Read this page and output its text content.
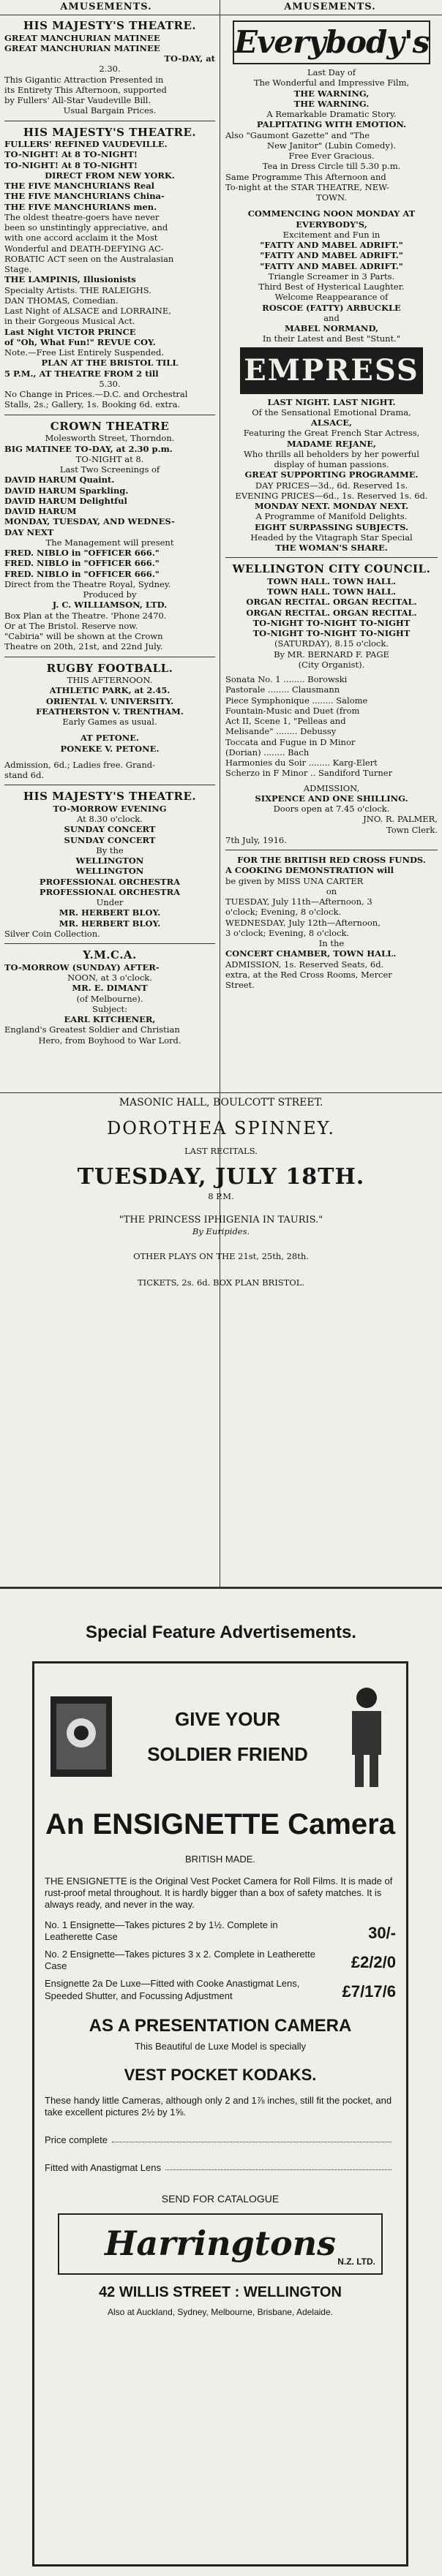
AMUSEMENTS.	AMUSEMENTS.
HIS MAJESTY'S THEATRE.
GREAT MANCHURIAN MATINEE
GREAT MANCHURIAN MATINEE
TO-DAY, at
2.30.
This Gigantic Attraction Presented in
its Entirety This Afternoon, supported
by Fullers' All-Star Vaudeville Bill.
Usual Bargain Prices.
HIS MAJESTY'S THEATRE.
FULLERS' REFINED VAUDEVILLE.
TO-NIGHT! At 8 TO-NIGHT!
TO-NIGHT! At 8 TO-NIGHT!
DIRECT FROM NEW YORK.
THE FIVE MANCHURIANS Real
THE FIVE MANCHURIANS China-
THE FIVE MANCHURIANS men.
The oldest theatre-goers have never
been so unstintingly appreciative, and
with one accord acclaim it the Most
Wonderful and DEATH-DEFYING AC-
ROBATIC ACT seen on the Australasian
Stage.
THE LAMPINIS, Illusionists
Specialty Artists. THE RALEIGHS.
DAN THOMAS, Comedian.
Last Night of ALSACE and LORRAINE,
in their Gorgeous Musical Act.
Last Night VICTOR PRINCE
of "Oh, What Fun!" REVUE COY.
Note.—Free List Entirely Suspended.
PLAN AT THE BRISTOL TILL
5 P.M., AT THEATRE FROM 2 till
5.30.
No Change in Prices.—D.C. and Orchestral
Stalls, 2s.; Gallery, 1s. Booking 6d. extra.
CROWN THEATRE
Molesworth Street, Thorndon.
BIG MATINEE TO-DAY, at 2.30 p.m.
TO-NIGHT at 8.
Last Two Screenings of
DAVID HARUM Quaint.
DAVID HARUM Sparkling.
DAVID HARUM Delightful
DAVID HARUM
MONDAY, TUESDAY, AND WEDNES-
DAY NEXT
The Management will present
FRED. NIBLO in "OFFICER 666."
FRED. NIBLO in "OFFICER 666."
FRED. NIBLO in "OFFICER 666."
Direct from the Theatre Royal, Sydney.
Produced by
J. C. WILLIAMSON, LTD.
Box Plan at the Theatre. 'Phone 2470.
Or at The Bristol. Reserve now.
"Cabiria" will be shown at the Crown
Theatre on 20th, 21st, and 22nd July.
RUGBY FOOTBALL.
THIS AFTERNOON.
ATHLETIC PARK, at 2.45.
ORIENTAL V. UNIVERSITY.
FEATHERSTON V. TRENTHAM.
Early Games as usual.
AT PETONE.
PONEKE V. PETONE.
Admission, 6d.; Ladies free. Grand-
stand 6d.
HIS MAJESTY'S THEATRE.
TO-MORROW EVENING
At 8.30 o'clock.
SUNDAY CONCERT
SUNDAY CONCERT
By the
WELLINGTON
WELLINGTON
PROFESSIONAL ORCHESTRA
PROFESSIONAL ORCHESTRA
Under
MR. HERBERT BLOY.
MR. HERBERT BLOY.
Silver Coin Collection.
Y.M.C.A.
TO-MORROW (SUNDAY) AFTER-
NOON, at 3 o'clock.
MR. E. DIMANT
(of Melbourne).
Subject:
EARL KITCHENER,
England's Greatest Soldier and Christian
Hero, from Boyhood to War Lord.
Everybody's
Last Day of
The Wonderful and Impressive Film,
THE WARNING,
THE WARNING.
A Remarkable Dramatic Story.
PALPITATING WITH EMOTION.
Also "Gaumont Gazette" and "The
New Janitor" (Lubin Comedy).
Free Ever Gracious.
Tea in Dress Circle till 5.30 p.m.
Same Programme This Afternoon and
To-night at the STAR THEATRE, NEW-
TOWN.
COMMENCING NOON MONDAY AT
EVERYBODY'S,
Excitement and Fun in
"FATTY AND MABEL ADRIFT."
"FATTY AND MABEL ADRIFT."
"FATTY AND MABEL ADRIFT."
Triangle Screamer in 3 Parts.
Third Best of Hysterical Laughter.
Welcome Reappearance of
ROSCOE (FATTY) ARBUCKLE
and
MABEL NORMAND,
In their Latest and Best "Stunt."
EMPRESS
LAST NIGHT. LAST NIGHT.
Of the Sensational Emotional Drama,
ALSACE,
Featuring the Great French Star Actress,
MADAME REJANE,
Who thrills all beholders by her powerful
display of human passions.
GREAT SUPPORTING PROGRAMME.
DAY PRICES—3d., 6d. Reserved 1s.
EVENING PRICES—6d., 1s. Reserved 1s. 6d.
MONDAY NEXT. MONDAY NEXT.
A Programme of Manifold Delights.
EIGHT SURPASSING SUBJECTS.
Headed by the Vitagraph Star Special
THE WOMAN'S SHARE.
WELLINGTON CITY COUNCIL.
TOWN HALL. TOWN HALL.
TOWN HALL. TOWN HALL.
ORGAN RECITAL. ORGAN RECITAL.
ORGAN RECITAL. ORGAN RECITAL.
TO-NIGHT TO-NIGHT TO-NIGHT
TO-NIGHT TO-NIGHT TO-NIGHT
(SATURDAY), 8.15 o'clock.
By MR. BERNARD F. PAGE
(City Organist).
Sonata No. 1 ........ Borowski
Pastorale ........ Clausmann
Piece Symphonique ........ Salome
Fountain-Music and Duet (from
Act II, Scene 1, "Pelleas and
Melisande" ........ Debussy
Toccata and Fugue in D Minor
(Dorian) ........ Bach
Harmonies du Soir ........ Karg-Elert
Scherzo in F Minor .. Sandiford Turner
ADMISSION,
SIXPENCE AND ONE SHILLING.
Doors open at 7.45 o'clock.
JNO. R. PALMER,
Town Clerk.
7th July, 1916.
FOR THE BRITISH RED CROSS FUNDS.
A COOKING DEMONSTRATION will
be given by MISS UNA CARTER
on
TUESDAY, July 11th—Afternoon, 3
o'clock; Evening, 8 o'clock.
WEDNESDAY, July 12th—Afternoon,
3 o'clock; Evening, 8 o'clock.
In the
CONCERT CHAMBER, TOWN HALL.
ADMISSION, 1s. Reserved Seats, 6d.
extra, at the Red Cross Rooms, Mercer
Street.
MASONIC HALL, BOULCOTT STREET.
DOROTHEA SPINNEY.
LAST RECITALS.
TUESDAY, JULY 18TH.
8 P.M.
"THE PRINCESS IPHIGENIA IN TAURIS."
By Euripides.
OTHER PLAYS ON THE 21st, 25th, 28th.
TICKETS, 2s. 6d. BOX PLAN BRISTOL.
Special Feature Advertisements.
GIVE YOUR
SOLDIER FRIEND
An ENSIGNETTE Camera
BRITISH MADE.
THE ENSIGNETTE is the Original Vest Pocket Camera for Roll Films. It is made of rust-proof metal throughout. It is hardly bigger than a box of safety matches. It is always ready, and never in the way.
No. 1 Ensignette—Takes pictures 2 by 1½. Complete in Leatherette Case	30/-
No. 2 Ensignette—Takes pictures 3 x 2. Complete in Leatherette Case	£2/2/0
Ensignette 2a De Luxe—Fitted with Cooke Anastigmat Lens, Speeded Shutter, and Focussing Adjustment	£7/17/6
AS A PRESENTATION CAMERA
This Beautiful de Luxe Model is specially
VEST POCKET KODAKS.
These handy little Cameras, although only 2 and 1⅞ inches, still fit the pocket, and take excellent pictures 2½ by 1⅝.
Price complete
Fitted with Anastigmat Lens
SEND FOR CATALOGUE
Harringtons N.Z. LTD.
42 WILLIS STREET : WELLINGTON
Also at Auckland, Sydney, Melbourne, Brisbane, Adelaide.
